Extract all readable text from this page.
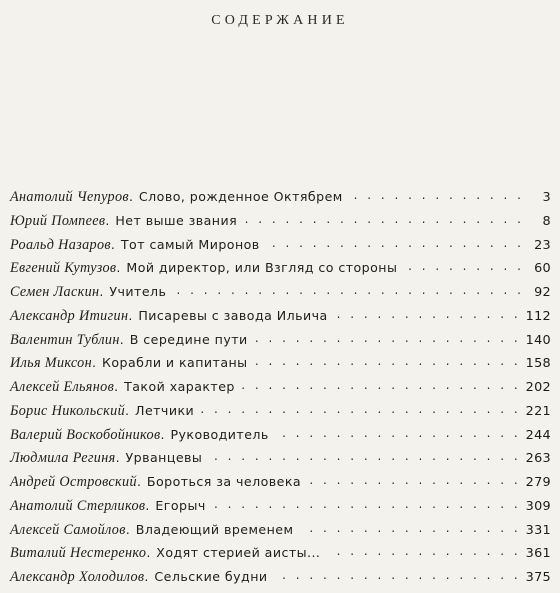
СОДЕРЖАНИЕ
Анатолий Чепуров . Слово, рожденное Октябрем . . .	3
Юрий Помпеев . Нет выше звания . . .	8
Роальд Назаров . Тот самый Миронов . . .	23
Евгений Кутузов . Мой директор, или Взгляд со стороны . . .	60
Семен Ласкин . Учитель . . .	92
Александр Итигин . Писаревы с завода Ильича . . .	112
Валентин Тублин . В середине пути . . .	140
Илья Миксон . Корабли и капитаны . . .	158
Алексей Ельянов . Такой характер . . .	202
Борис Никольский . Летчики . . .	221
Валерий Воскобойников . Руководитель . . .	244
Людмила Региня . Урванцевы . . .	263
Андрей Островский . Бороться за человека . . .	279
Анатолий Стерликов . Егорыч . . .	309
Алексей Самойлов . Владеющий временем . . .	331
Виталий Нестеренко . Ходят стерией аисты... . . .	361
Александр Холодилов . Сельские будни . . .	375
